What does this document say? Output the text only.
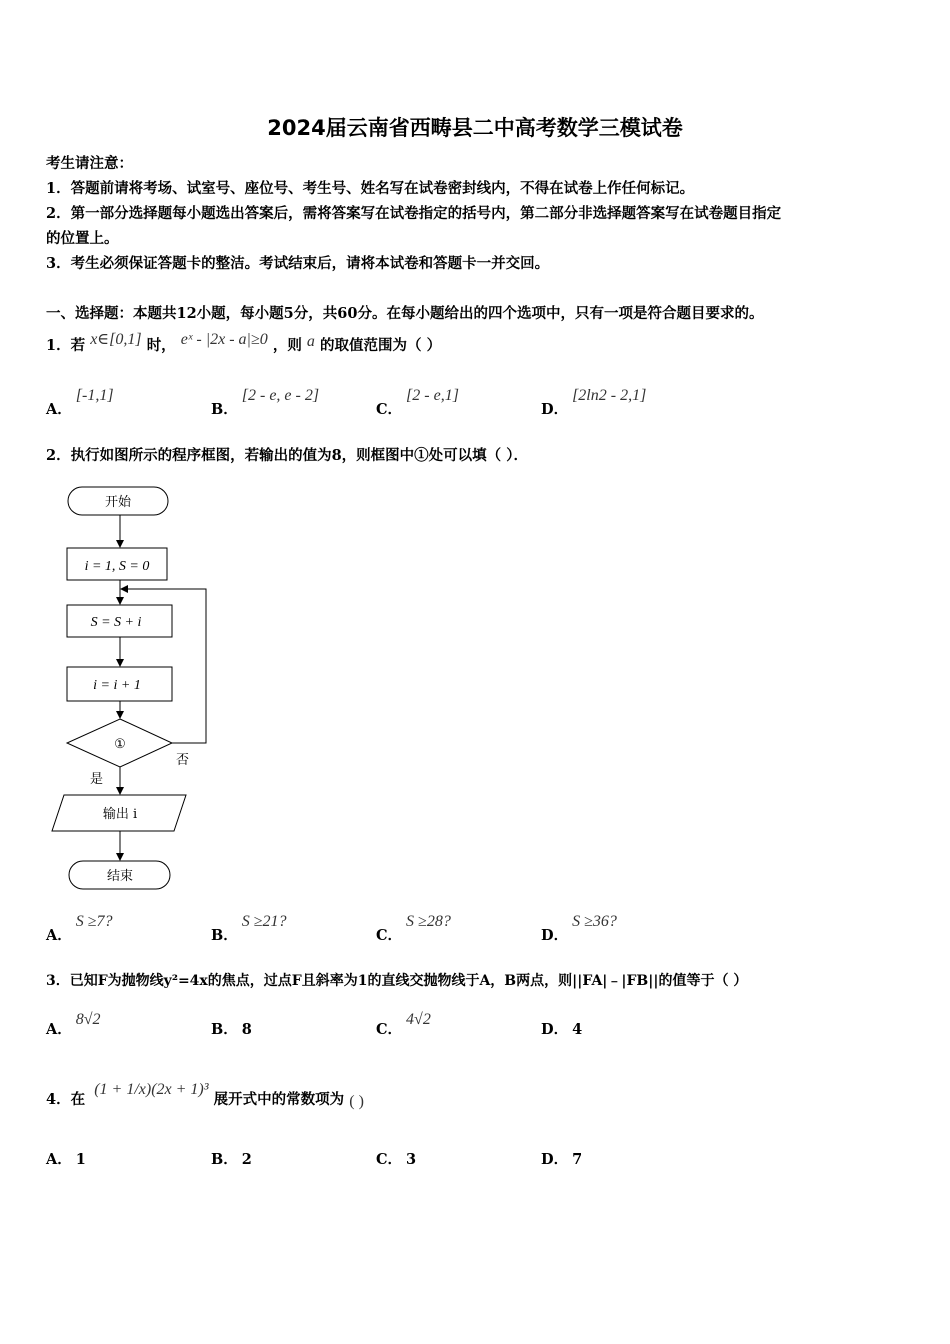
2024届云南省西畴县二中高考数学三模试卷
考生请注意：
1．答题前请将考场、试室号、座位号、考生号、姓名写在试卷密封线内，不得在试卷上作任何标记。
2．第一部分选择题每小题选出答案后，需将答案写在试卷指定的括号内，第二部分非选择题答案写在试卷题目指定
的位置上。
3．考生必须保证答题卡的整洁。考试结束后，请将本试卷和答题卡一并交回。
一、选择题：本题共12小题，每小题5分，共60分。在每小题给出的四个选项中，只有一项是符合题目要求的。
1．若 x∈[0,1] 时， eˣ - |2x - a|≥0 ，则 a 的取值范围为（ ）
A．[-1,1]
B．[2 - e, e - 2]
C．[2 - e,1]
D．[2ln2 - 2,1]
2．执行如图所示的程序框图，若输出的值为8，则框图中①处可以填（ ）．
开始
i = 1, S = 0
S = S + i
i = i + 1
①
否
是
输出 i
结束
A．S ≥7?
B．S ≥21?
C．S ≥28?
D．S ≥36?
3．已知F为抛物线y²=4x的焦点，过点F且斜率为1的直线交抛物线于A，B两点，则||FA|﹣|FB||的值等于（ ）
A．8√2
B． 8	C．4√2
D． 4
4．在 (1 + 1/x)(2x + 1)³ 展开式中的常数项为 ( )
A． 1	B． 2	C． 3	D． 7
